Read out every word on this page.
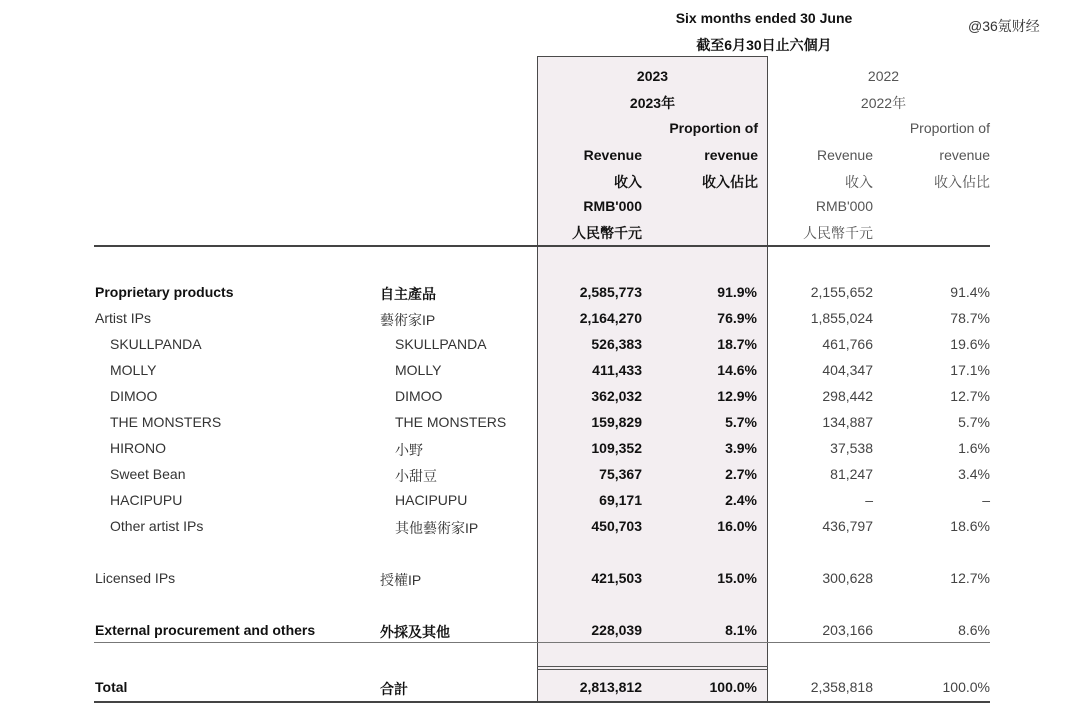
@36氪财经
Six months ended 30 June
截至6月30日止六個月
2023
2023年
Proportion of
Revenue	revenue
收入	收入佔比
RMB'000
人民幣千元
2022
2022年
Proportion of
Revenue	revenue
收入	收入佔比
RMB'000
人民幣千元
Proprietary products	自主產品	2,585,773	91.9%	2,155,652	91.4%
Artist IPs	藝術家IP	2,164,270	76.9%	1,855,024	78.7%
SKULLPANDA	SKULLPANDA	526,383	18.7%	461,766	19.6%
MOLLY	MOLLY	411,433	14.6%	404,347	17.1%
DIMOO	DIMOO	362,032	12.9%	298,442	12.7%
THE MONSTERS	THE MONSTERS	159,829	5.7%	134,887	5.7%
HIRONO	小野	109,352	3.9%	37,538	1.6%
Sweet Bean	小甜豆	75,367	2.7%	81,247	3.4%
HACIPUPU	HACIPUPU	69,171	2.4%	–	–
Other artist IPs	其他藝術家IP	450,703	16.0%	436,797	18.6%
Licensed IPs	授權IP	421,503	15.0%	300,628	12.7%
External procurement and others	外採及其他	228,039	8.1%	203,166	8.6%
Total	合計	2,813,812	100.0%	2,358,818	100.0%
